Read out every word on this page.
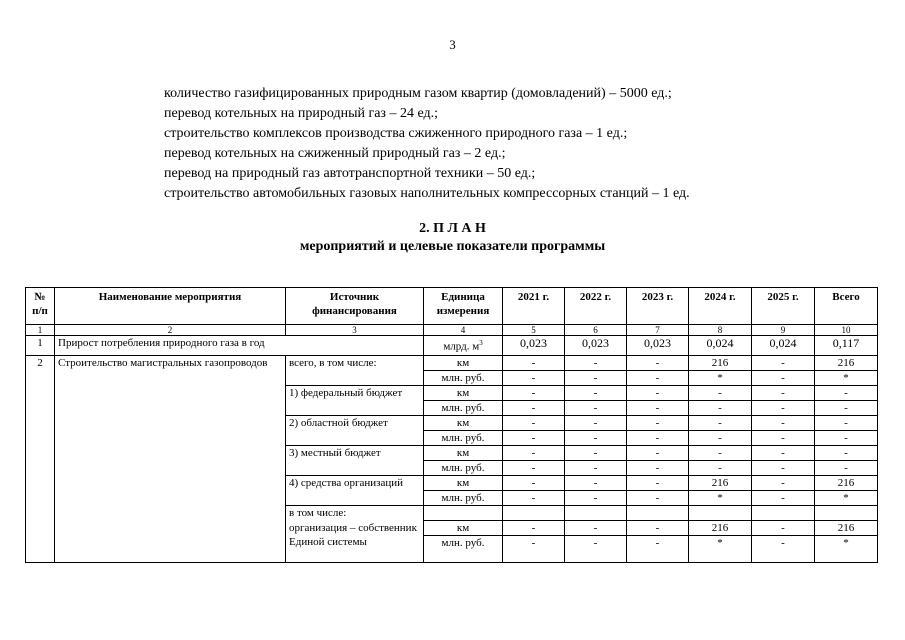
3
количество газифицированных природным газом квартир (домовладений) – 5000 ед.;
перевод котельных на природный газ – 24 ед.;
строительство комплексов производства сжиженного природного газа – 1 ед.;
перевод котельных на сжиженный природный газ – 2 ед.;
перевод на природный газ автотранспортной техники – 50 ед.;
строительство автомобильных газовых наполнительных компрессорных станций – 1 ед.
2. П Л А Н
мероприятий и целевые показатели программы
№ п/п	Наименование мероприятия	Источник финансирования	Единица измерения	2021 г.	2022 г.	2023 г.	2024 г.	2025 г.	Всего
1	2	3	4	5	6	7	8	9	10
1	Прирост потребления природного газа в год		млрд. $м^3$	0,023	0,023	0,023	0,024	0,024	0,117
2	Строительство магистральных газопроводов	всего, в том числе:	км	-	-	-	216	-	216
			млн. руб.	-	-	-	*	-	*
		1) федеральный бюджет	км	-	-	-	-	-	-
			млн. руб.	-	-	-	-	-	-
		2) областной бюджет	км	-	-	-	-	-	-
			млн. руб.	-	-	-	-	-	-
		3) местный бюджет	км	-	-	-	-	-	-
			млн. руб.	-	-	-	-	-	-
		4) средства организаций	км	-	-	-	216	-	216
			млн. руб.	-	-	-	*	-	*
		в том числе:							
		организация – собственник Единой системы	км	-	-	-	216	-	216
			млн. руб.	-	-	-	*	-	*
